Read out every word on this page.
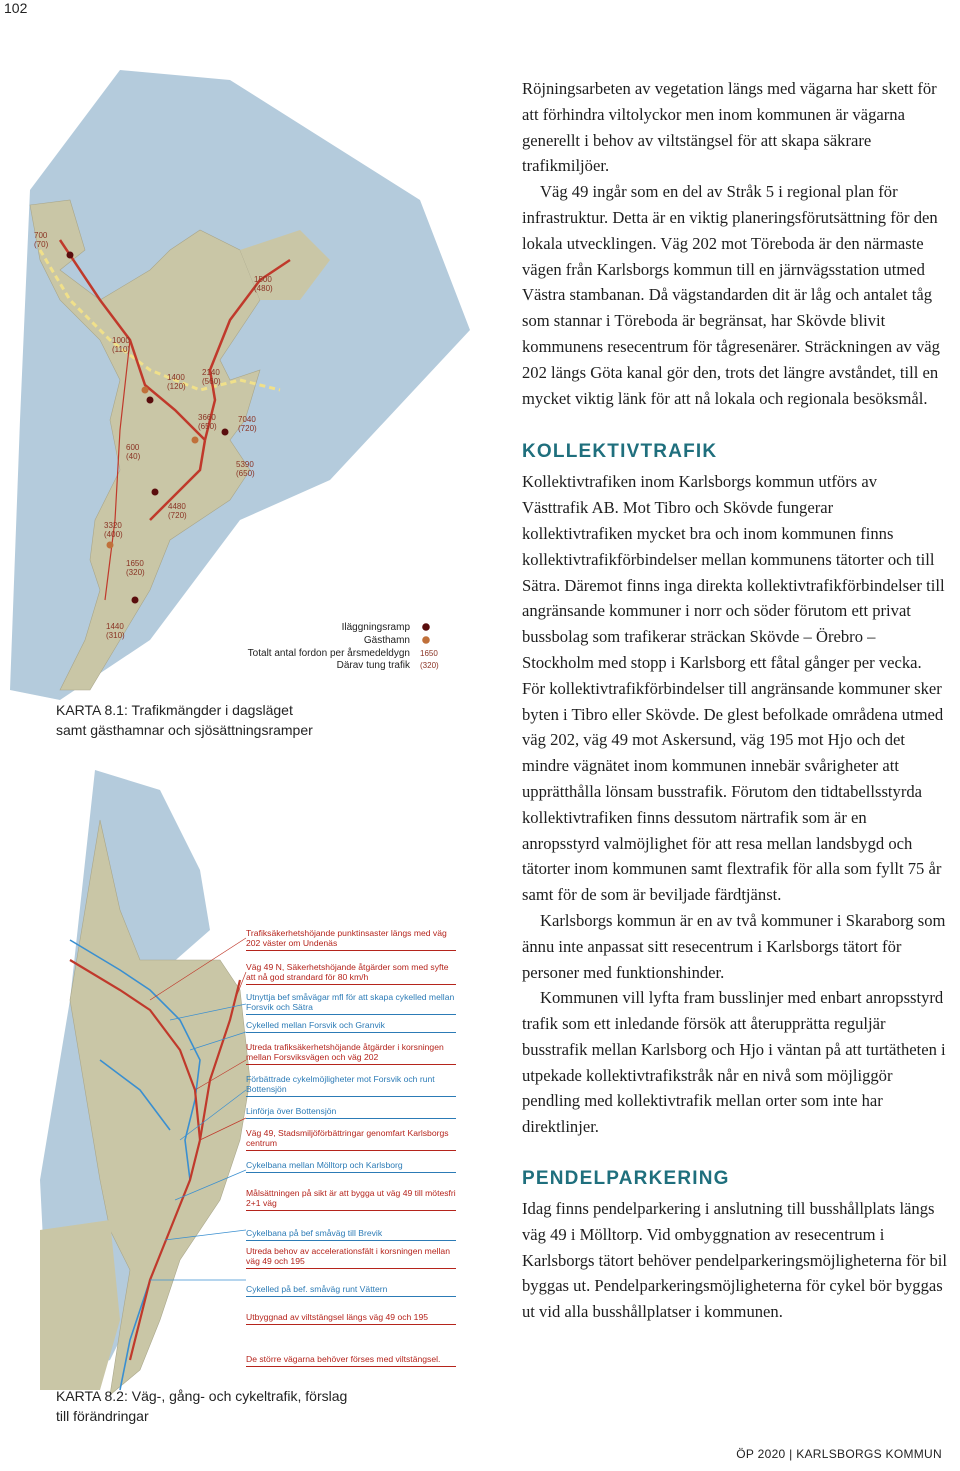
102
700
(70)
1000
(110)
1400
(120)
2140
(560)
1500
(480)
3660
(650)
7040
(720)
600
(40)
5390
(650)
4480
(720)
3320
(400)
1650
(320)
1440
(310)
Iläggningsramp
Gästhamn
Totalt antal fordon per årsmedeldygn
Därav tung trafik
1650
(320)
KARTA 8.1: Trafikmängder i dagsläget samt gästhamnar och sjösättningsramper
Trafiksäkerhetshöjande punktinsaster längs med väg 202 väster om Undenäs
Väg 49 N, Säkerhetshöjande åtgärder som med syfte att nå god strandard för 80 km/h
Utnyttja bef småvägar mfl för att skapa cykelled mellan Forsvik och Sätra
Cykelled mellan Forsvik och Granvik
Utreda trafiksäkerhetshöjande åtgärder i korsningen mellan Forsviksvägen och väg 202
Förbättrade cykelmöjligheter mot Forsvik och runt Bottensjön
Linförja över Bottensjön
Väg 49, Stadsmiljöförbättringar genomfart Karlsborgs centrum
Cykelbana mellan Mölltorp och Karlsborg
Målsättningen på sikt är att bygga ut väg 49 till mötesfri 2+1 väg
Cykelbana på bef småväg till Brevik
Utreda behov av accelerationsfält i korsningen mellan väg 49 och 195
Cykelled på bef. småväg runt Vättern
Utbyggnad av viltstängsel längs väg 49 och 195
De större vägarna behöver förses med viltstängsel.
KARTA 8.2: Väg-, gång- och cykeltrafik, förslag till förändringar

Röjningsarbeten av vegetation längs med vägarna har skett för att förhindra viltolyckor men inom kommunen är vägarna generellt i behov av viltstängsel för att skapa säkrare trafikmiljöer.

Väg 49 ingår som en del av Stråk 5 i regional plan för infrastruktur. Detta är en viktig planeringsförutsättning för den lokala utvecklingen. Väg 202 mot Töreboda är den närmaste vägen från Karlsborgs kommun till en järnvägsstation utmed Västra stambanan. Då vägstandarden dit är låg och antalet tåg som stannar i Töreboda är begränsat, har Skövde blivit kommunens resecentrum för tågresenärer. Sträckningen av väg 202 längs Göta kanal gör den, trots det längre avståndet, till en mycket viktig länk för att nå lokala och regionala besöksmål.

KOLLEKTIVTRAFIK

Kollektivtrafiken inom Karlsborgs kommun utförs av Västtrafik AB. Mot Tibro och Skövde fungerar kollektivtrafiken mycket bra och inom kommunen finns kollektivtrafikförbindelser mellan kommunens tätorter och till Sätra. Däremot finns inga direkta kollektivtrafikförbindelser till angränsande kommuner i norr och söder förutom ett privat bussbolag som trafikerar sträckan Skövde – Örebro – Stockholm med stopp i Karlsborg ett fåtal gånger per vecka. För kollektivtrafikförbindelser till angränsande kommuner sker byten i Tibro eller Skövde. De glest befolkade områdena utmed väg 202, väg 49 mot Askersund, väg 195 mot Hjo och det mindre vägnätet inom kommunen innebär svårigheter att upprätthålla lönsam busstrafik. Förutom den tidtabellsstyrda kollektivtrafiken finns dessutom närtrafik som är en anropsstyrd valmöjlighet för att resa mellan landsbygd och tätorter inom kommunen samt flextrafik för alla som fyllt 75 år samt för de som är beviljade färdtjänst.

Karlsborgs kommun är en av två kommuner i Skaraborg som ännu inte anpassat sitt resecentrum i Karlsborgs tätort för personer med funktionshinder.

Kommunen vill lyfta fram busslinjer med enbart anropsstyrd trafik som ett inledande försök att återupprätta reguljär busstrafik mellan Karlsborg och Hjo i väntan på att turtätheten i utpekade kollektivtrafikstråk når en nivå som möjliggör pendling med kollektivtrafik mellan orter som inte har direktlinjer.

PENDELPARKERING

Idag finns pendelparkering i anslutning till busshållplats längs väg 49 i Mölltorp. Vid ombyggnation av resecentrum i Karlsborgs tätort behöver pendelparkeringsmöjligheterna för bil byggas ut. Pendelparkeringsmöjligheterna för cykel bör byggas ut vid alla busshållplatser i kommunen.

ÖP 2020 | KARLSBORGS KOMMUN
